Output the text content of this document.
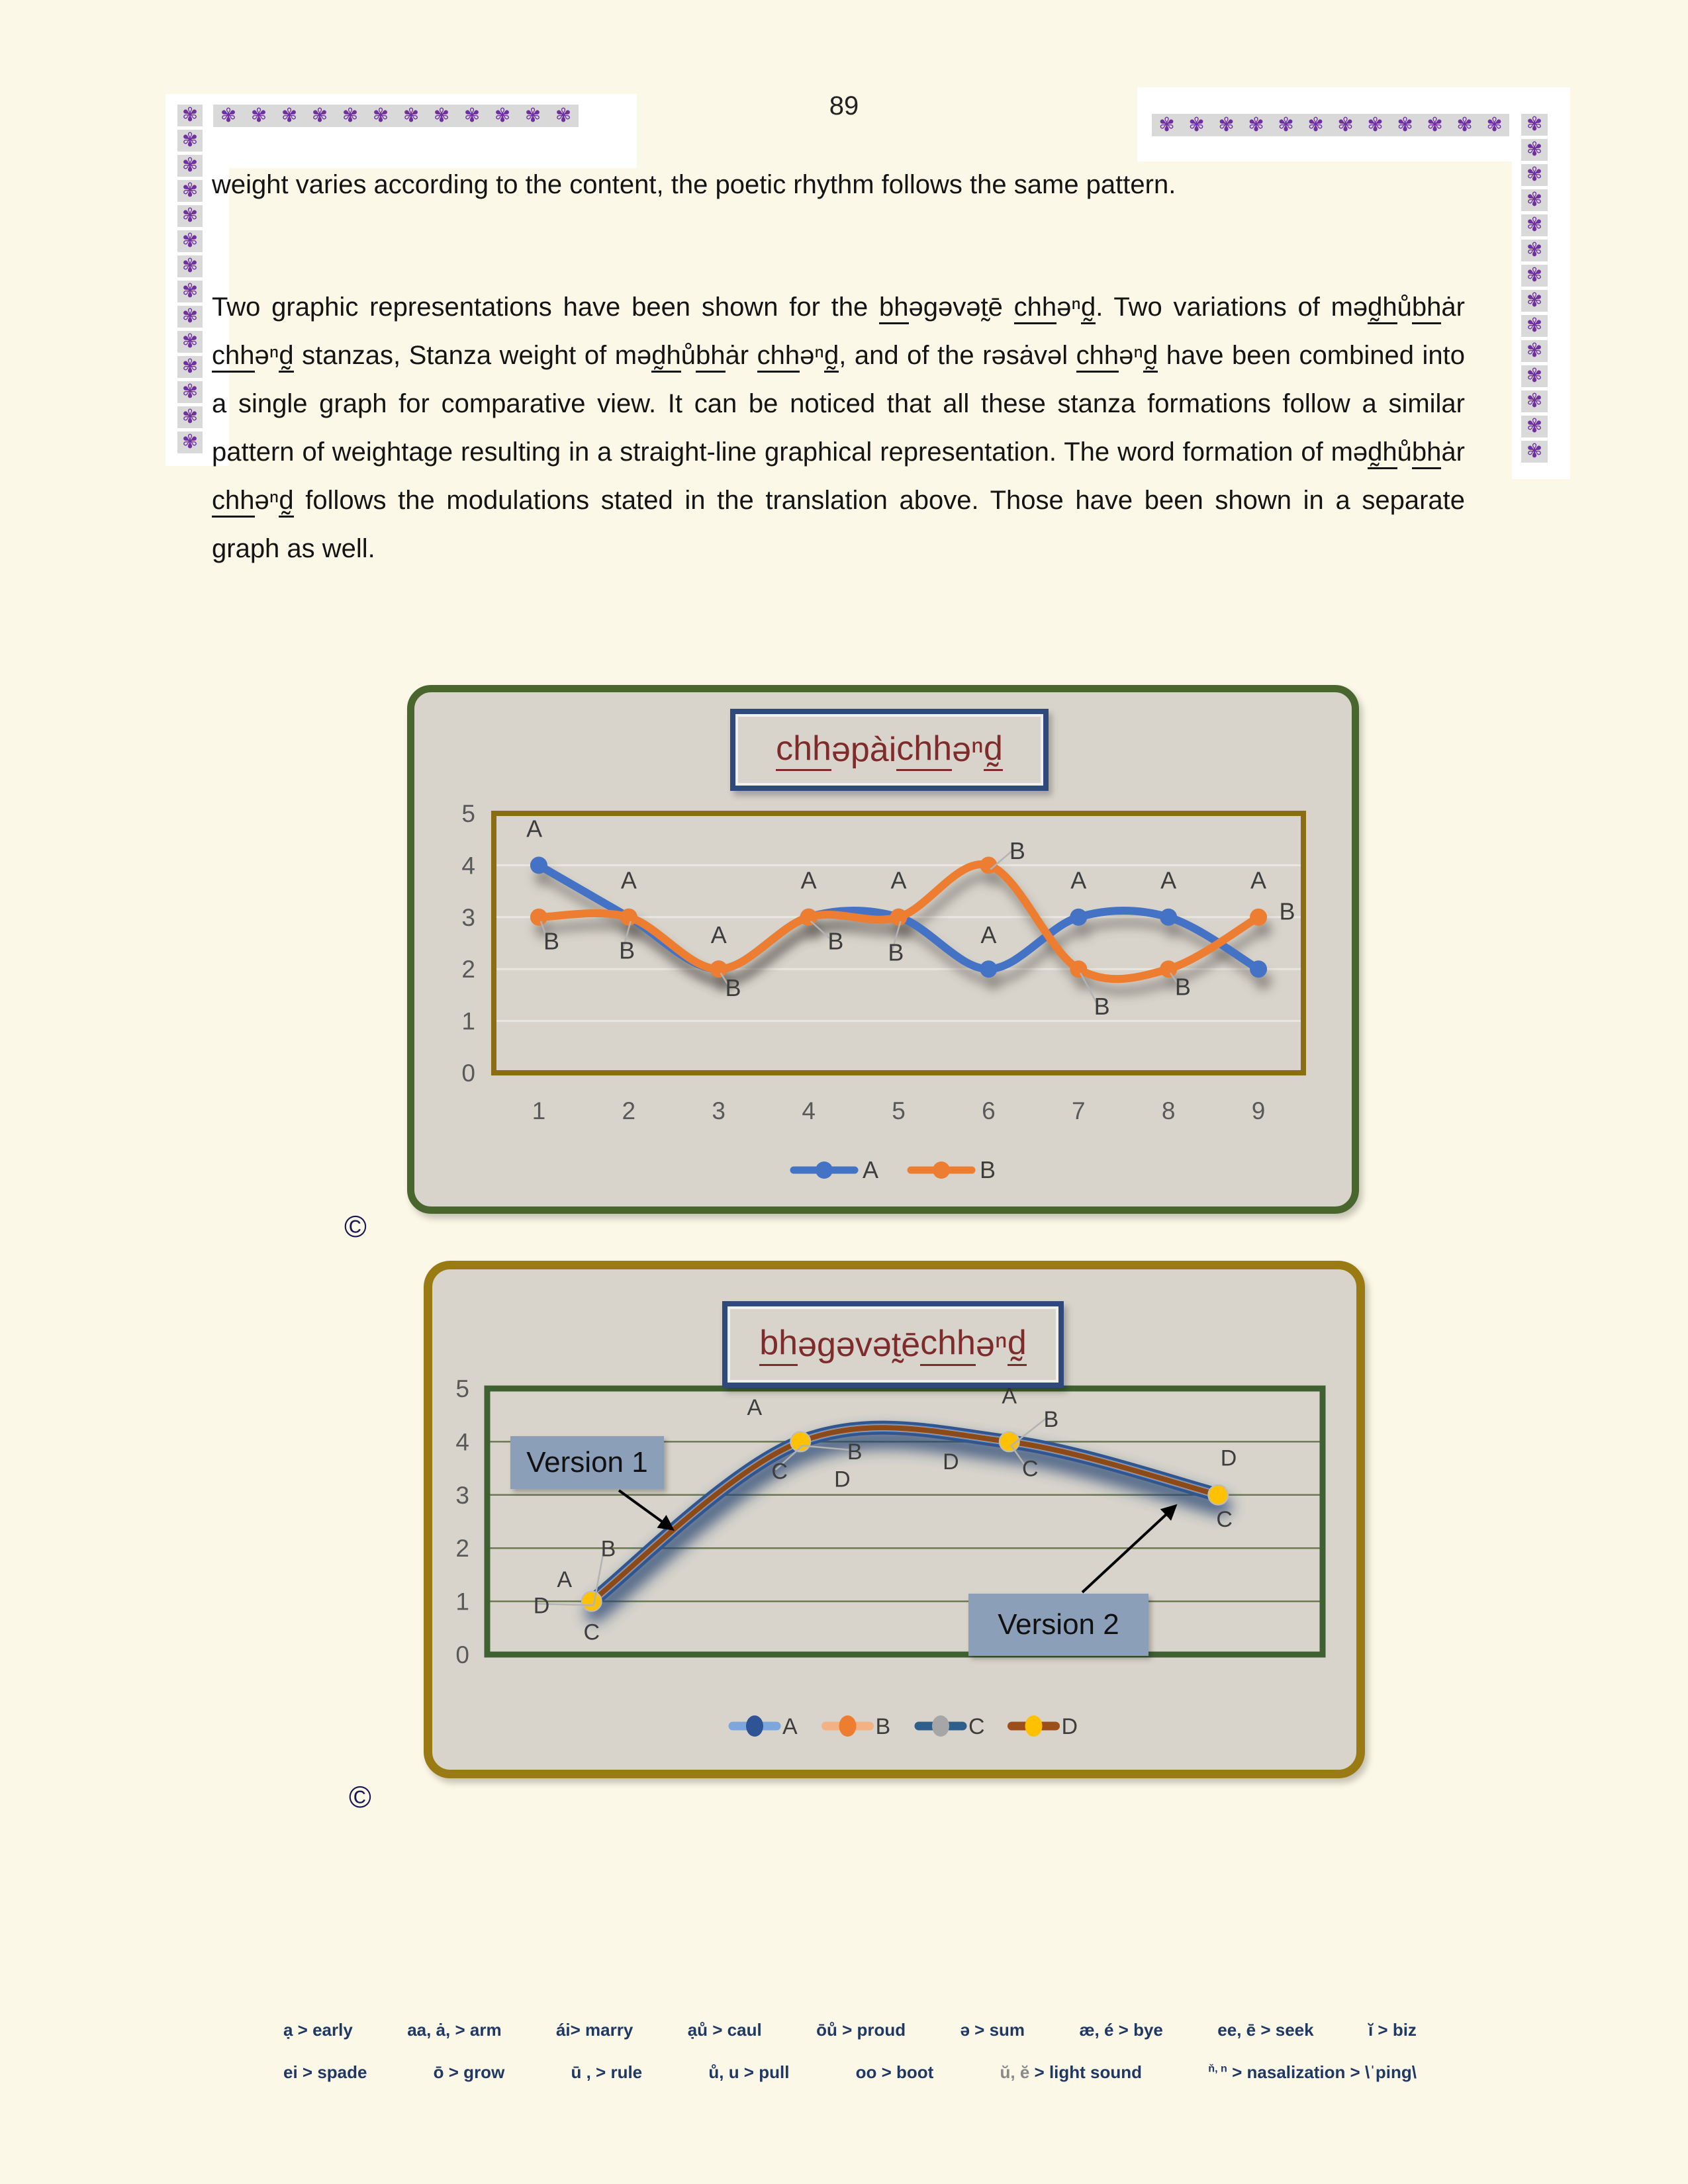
89
✾ ✾ ✾ ✾ ✾ ✾ ✾ ✾ ✾ ✾ ✾ ✾
✾
✾
✾
✾
✾
✾
✾
✾
✾
✾
✾
✾
✾
✾
✾ ✾ ✾ ✾ ✾ ✾ ✾ ✾ ✾ ✾ ✾ ✾ ✾
✾
✾
✾
✾
✾
✾
✾
✾
✾
✾
✾
✾
✾

weight varies according to the content, the poetic rhythm follows the same pattern.

Two graphic representations have been shown for the bhəgəvət̰ē chhəⁿd̰. Two variations of məd̰hůbhȧr chhəⁿd̰ stanzas, Stanza weight of məd̰hůbhȧr chhəⁿd̰, and of the rəsȧvəl chhəⁿd̰ have been combined into a single graph for comparative view. It can be noticed that all these stanza formations follow a similar pattern of weightage resulting in a straight-line graphical representation. The word formation of məd̰hůbhȧr chhəⁿd̰ follows the modulations stated in the translation above. Those have been shown in a separate graph as well.

0
1
2
3
4
5
1	2	3	4	5	6	7	8	9
A
A
A
A	A
A
A	A	A
B	B
B
B B
B
B
B
B
A	B
chh əpài chh əⁿ d̰
©
0
1
2
3
4
5
A
A	A
B
B
B
C
C	C
C
D
D
D	D
A	B	C	D
bh əgəvət̰ē chh əⁿ d̰
Version 1
Version 2
©
ạ > early	aa, ȧ, > arm	ái> marry	ạů > caul	ōů > proud	ə > sum	æ, é > bye	ee, ē > seek	ĭ > biz
ei > spade	ō > grow	ū , > rule	ů, u > pull	oo > boot	ŭ, ĕ > light sound	$^{ň, n}$ > nasalization > \ˈping\
